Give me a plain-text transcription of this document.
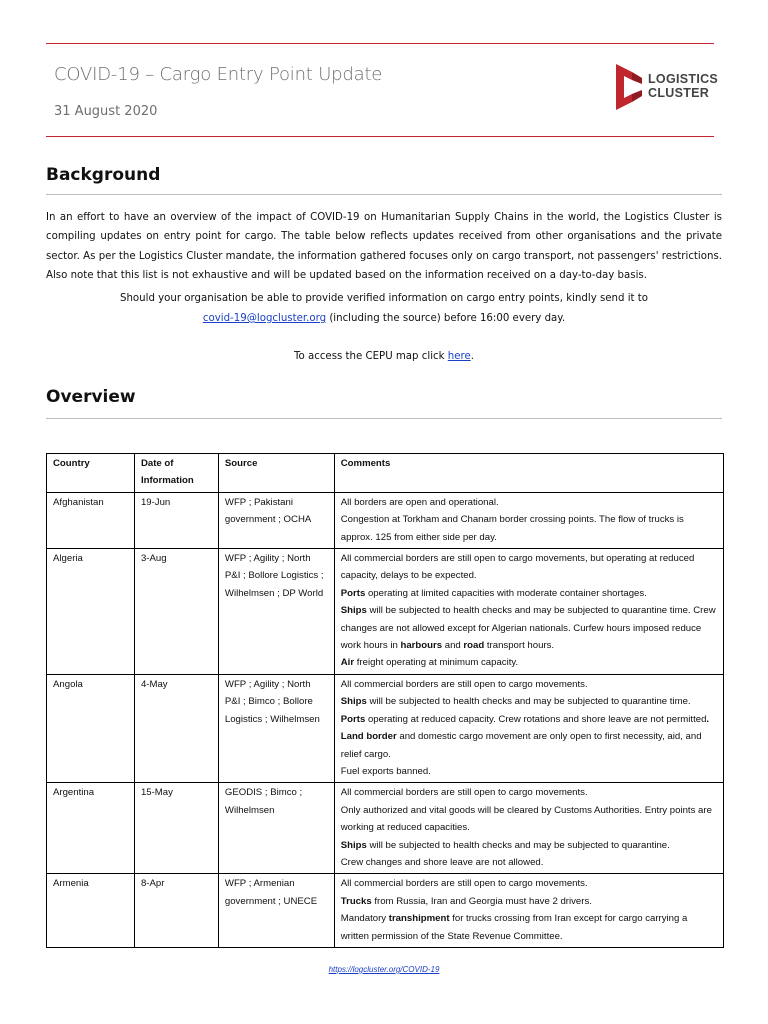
COVID-19 – Cargo Entry Point Update
31 August 2020
LOGISTICS
CLUSTER
Background

In an effort to have an overview of the impact of COVID-19 on Humanitarian Supply Chains in the world, the Logistics Cluster is compiling updates on entry point for cargo. The table below reflects updates received from other organisations and the private sector. As per the Logistics Cluster mandate, the information gathered focuses only on cargo transport, not passengers' restrictions. Also note that this list is not exhaustive and will be updated based on the information received on a day-to-day basis.

Should your organisation be able to provide verified information on cargo entry points, kindly send it to
covid-19@logcluster.org (including the source) before 16:00 every day.
To access the CEPU map click here.
Overview
Country	Date of Information	Source	Comments
Afghanistan	19-Jun	WFP ; Pakistani government ; OCHA	All borders are open and operational.
Congestion at Torkham and Chanam border crossing points. The flow of trucks is approx. 125 from either side per day.

Algeria	3-Aug	WFP ; Agility ; North P&I ; Bollore Logistics ; Wilhelmsen ; DP World	All commercial borders are still open to cargo movements, but operating at reduced capacity, delays to be expected.
Ports operating at limited capacities with moderate container shortages.
Ships will be subjected to health checks and may be subjected to quarantine time. Crew changes are not allowed except for Algerian nationals. Curfew hours imposed reduce work hours in harbours and road transport hours.
Air freight operating at minimum capacity.

Angola	4-May	WFP ; Agility ; North P&I ; Bimco ; Bollore Logistics ; Wilhelmsen	All commercial borders are still open to cargo movements.
Ships will be subjected to health checks and may be subjected to quarantine time.
Ports operating at reduced capacity. Crew rotations and shore leave are not permitted.
Land border and domestic cargo movement are only open to first necessity, aid, and relief cargo.
Fuel exports banned.

Argentina	15-May	GEODIS ; Bimco ; Wilhelmsen	All commercial borders are still open to cargo movements.
Only authorized and vital goods will be cleared by Customs Authorities. Entry points are working at reduced capacities.
Ships will be subjected to health checks and may be subjected to quarantine.
Crew changes and shore leave are not allowed.

Armenia	8-Apr	WFP ; Armenian government ; UNECE	All commercial borders are still open to cargo movements.
Trucks from Russia, Iran and Georgia must have 2 drivers.
Mandatory transhipment for trucks crossing from Iran except for cargo carrying a written permission of the State Revenue Committee.
https://logcluster.org/COVID-19
